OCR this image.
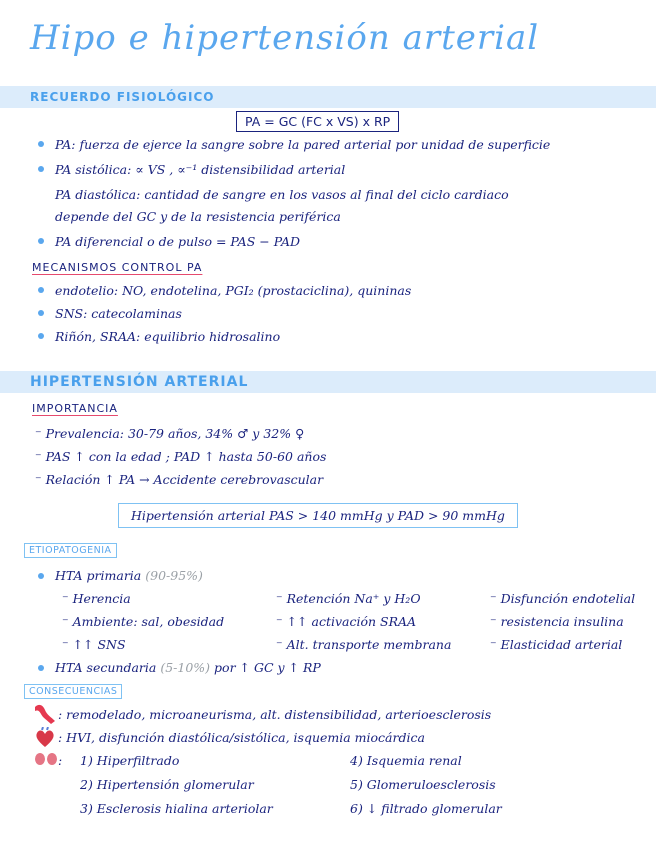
Hipo e hipertensión arterial
RECUERDO FISIOLÓGICO
PA = GC (FC x VS) x RP
PA: fuerza de ejerce la sangre sobre la pared arterial por unidad de superficie
PA sistólica: ∝ VS , ∝⁻¹ distensibilidad arterial
PA diastólica: cantidad de sangre en los vasos al final del ciclo cardiaco
depende del GC y de la resistencia periférica
PA diferencial o de pulso = PAS − PAD
MECANISMOS CONTROL PA
endotelio: NO, endotelina, PGI₂ (prostaciclina), quininas
SNS: catecolaminas
Riñón, SRAA: equilibrio hidrosalino
HIPERTENSIÓN ARTERIAL
IMPORTANCIA
⁻ Prevalencia: 30-79 años, 34% ♂ y 32% ♀
⁻ PAS ↑ con la edad ; PAD ↑ hasta 50-60 años
⁻ Relación ↑ PA → Accidente cerebrovascular
Hipertensión arterial PAS > 140 mmHg y PAD > 90 mmHg
ETIOPATOGENIA
HTA primaria (90-95%)
⁻ Herencia	⁻ Retención Na⁺ y H₂O	⁻ Disfunción endotelial
⁻ Ambiente: sal, obesidad	⁻ ↑↑ activación SRAA	⁻ resistencia insulina
⁻ ↑↑ SNS	⁻ Alt. transporte membrana	⁻ Elasticidad arterial
HTA secundaria (5-10%) por ↑ GC y ↑ RP
CONSECUENCIAS
: remodelado, microaneurisma, alt. distensibilidad, arterioesclerosis
: HVI, disfunción diastólica/sistólica, isquemia miocárdica
: 1) Hiperfiltrado
2) Hipertensión glomerular
3) Esclerosis hialina arteriolar
4) Isquemia renal
5) Glomeruloesclerosis
6) ↓ filtrado glomerular
